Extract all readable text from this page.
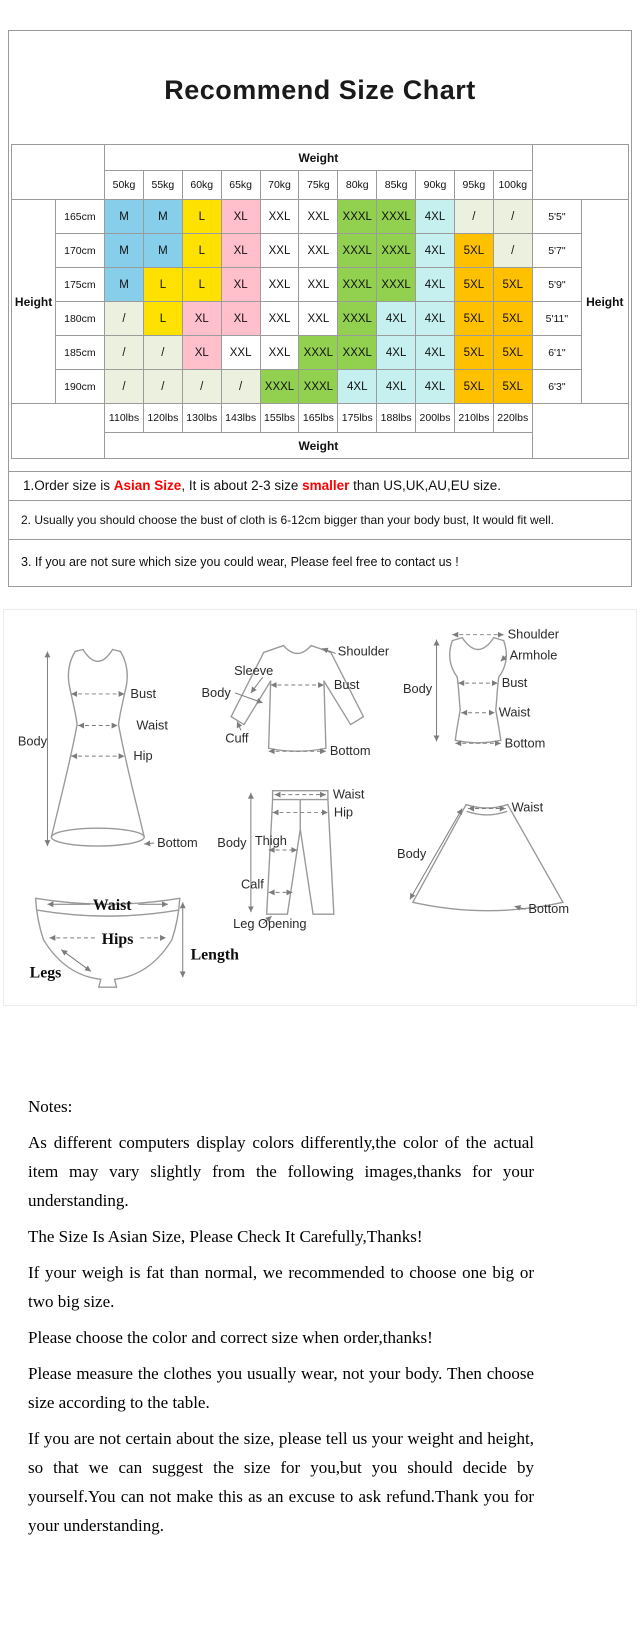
Recommend Size Chart
		Weight												
		50kg	55kg	60kg	65kg	70kg	75kg	80kg	85kg	90kg	95kg	100kg		
Height	165cm	M	M	L	XL	XXL	XXL	XXXL	XXXL	4XL	/	/	5'5"	Height
	170cm	M	M	L	XL	XXL	XXL	XXXL	XXXL	4XL	5XL	/	5'7"	
	175cm	M	L	L	XL	XXL	XXL	XXXL	XXXL	4XL	5XL	5XL	5'9"	
	180cm	/	L	XL	XL	XXL	XXL	XXXL	4XL	4XL	5XL	5XL	5'11"	
	185cm	/	/	XL	XXL	XXL	XXXL	XXXL	4XL	4XL	5XL	5XL	6'1"	
	190cm	/	/	/	/	XXXL	XXXL	4XL	4XL	4XL	5XL	5XL	6'3"	
		110lbs	120lbs	130lbs	143lbs	155lbs	165lbs	175lbs	188lbs	200lbs	210lbs	220lbs		
		Weight												
1.Order size is Asian Size, It is about 2-3 size smaller than US,UK,AU,EU size.
2. Usually you should choose the bust of cloth is 6-12cm bigger than your body bust, It would fit well.
3. If you are not sure which size you could wear, Please feel free to contact us !
Bust
Waist
Hip
Body
Bottom
Shoulder
Sleeve
Body
Bust
Cuff
Bottom
Shoulder
Armhole
Body	Bust
Waist
Bottom
Waist
Hip
Body Thigh
Calf
Leg Opening
Waist
Body
Bottom
Waist
Hips
Legs
Length

Notes:

As different computers display colors differently,the color of the actual item may vary slightly from the following images,thanks for your understanding.

The Size Is Asian Size, Please Check It Carefully,Thanks!

If your weigh is fat than normal, we recommended to choose one big or two big size.

Please choose the color and correct size when order,thanks!

Please measure the clothes you usually wear, not your body. Then choose size according to the table.

If you are not certain about the size, please tell us your weight and height, so that we can suggest the size for you,but you should decide by yourself.You can not make this as an excuse to ask refund.Thank you for your understanding.
